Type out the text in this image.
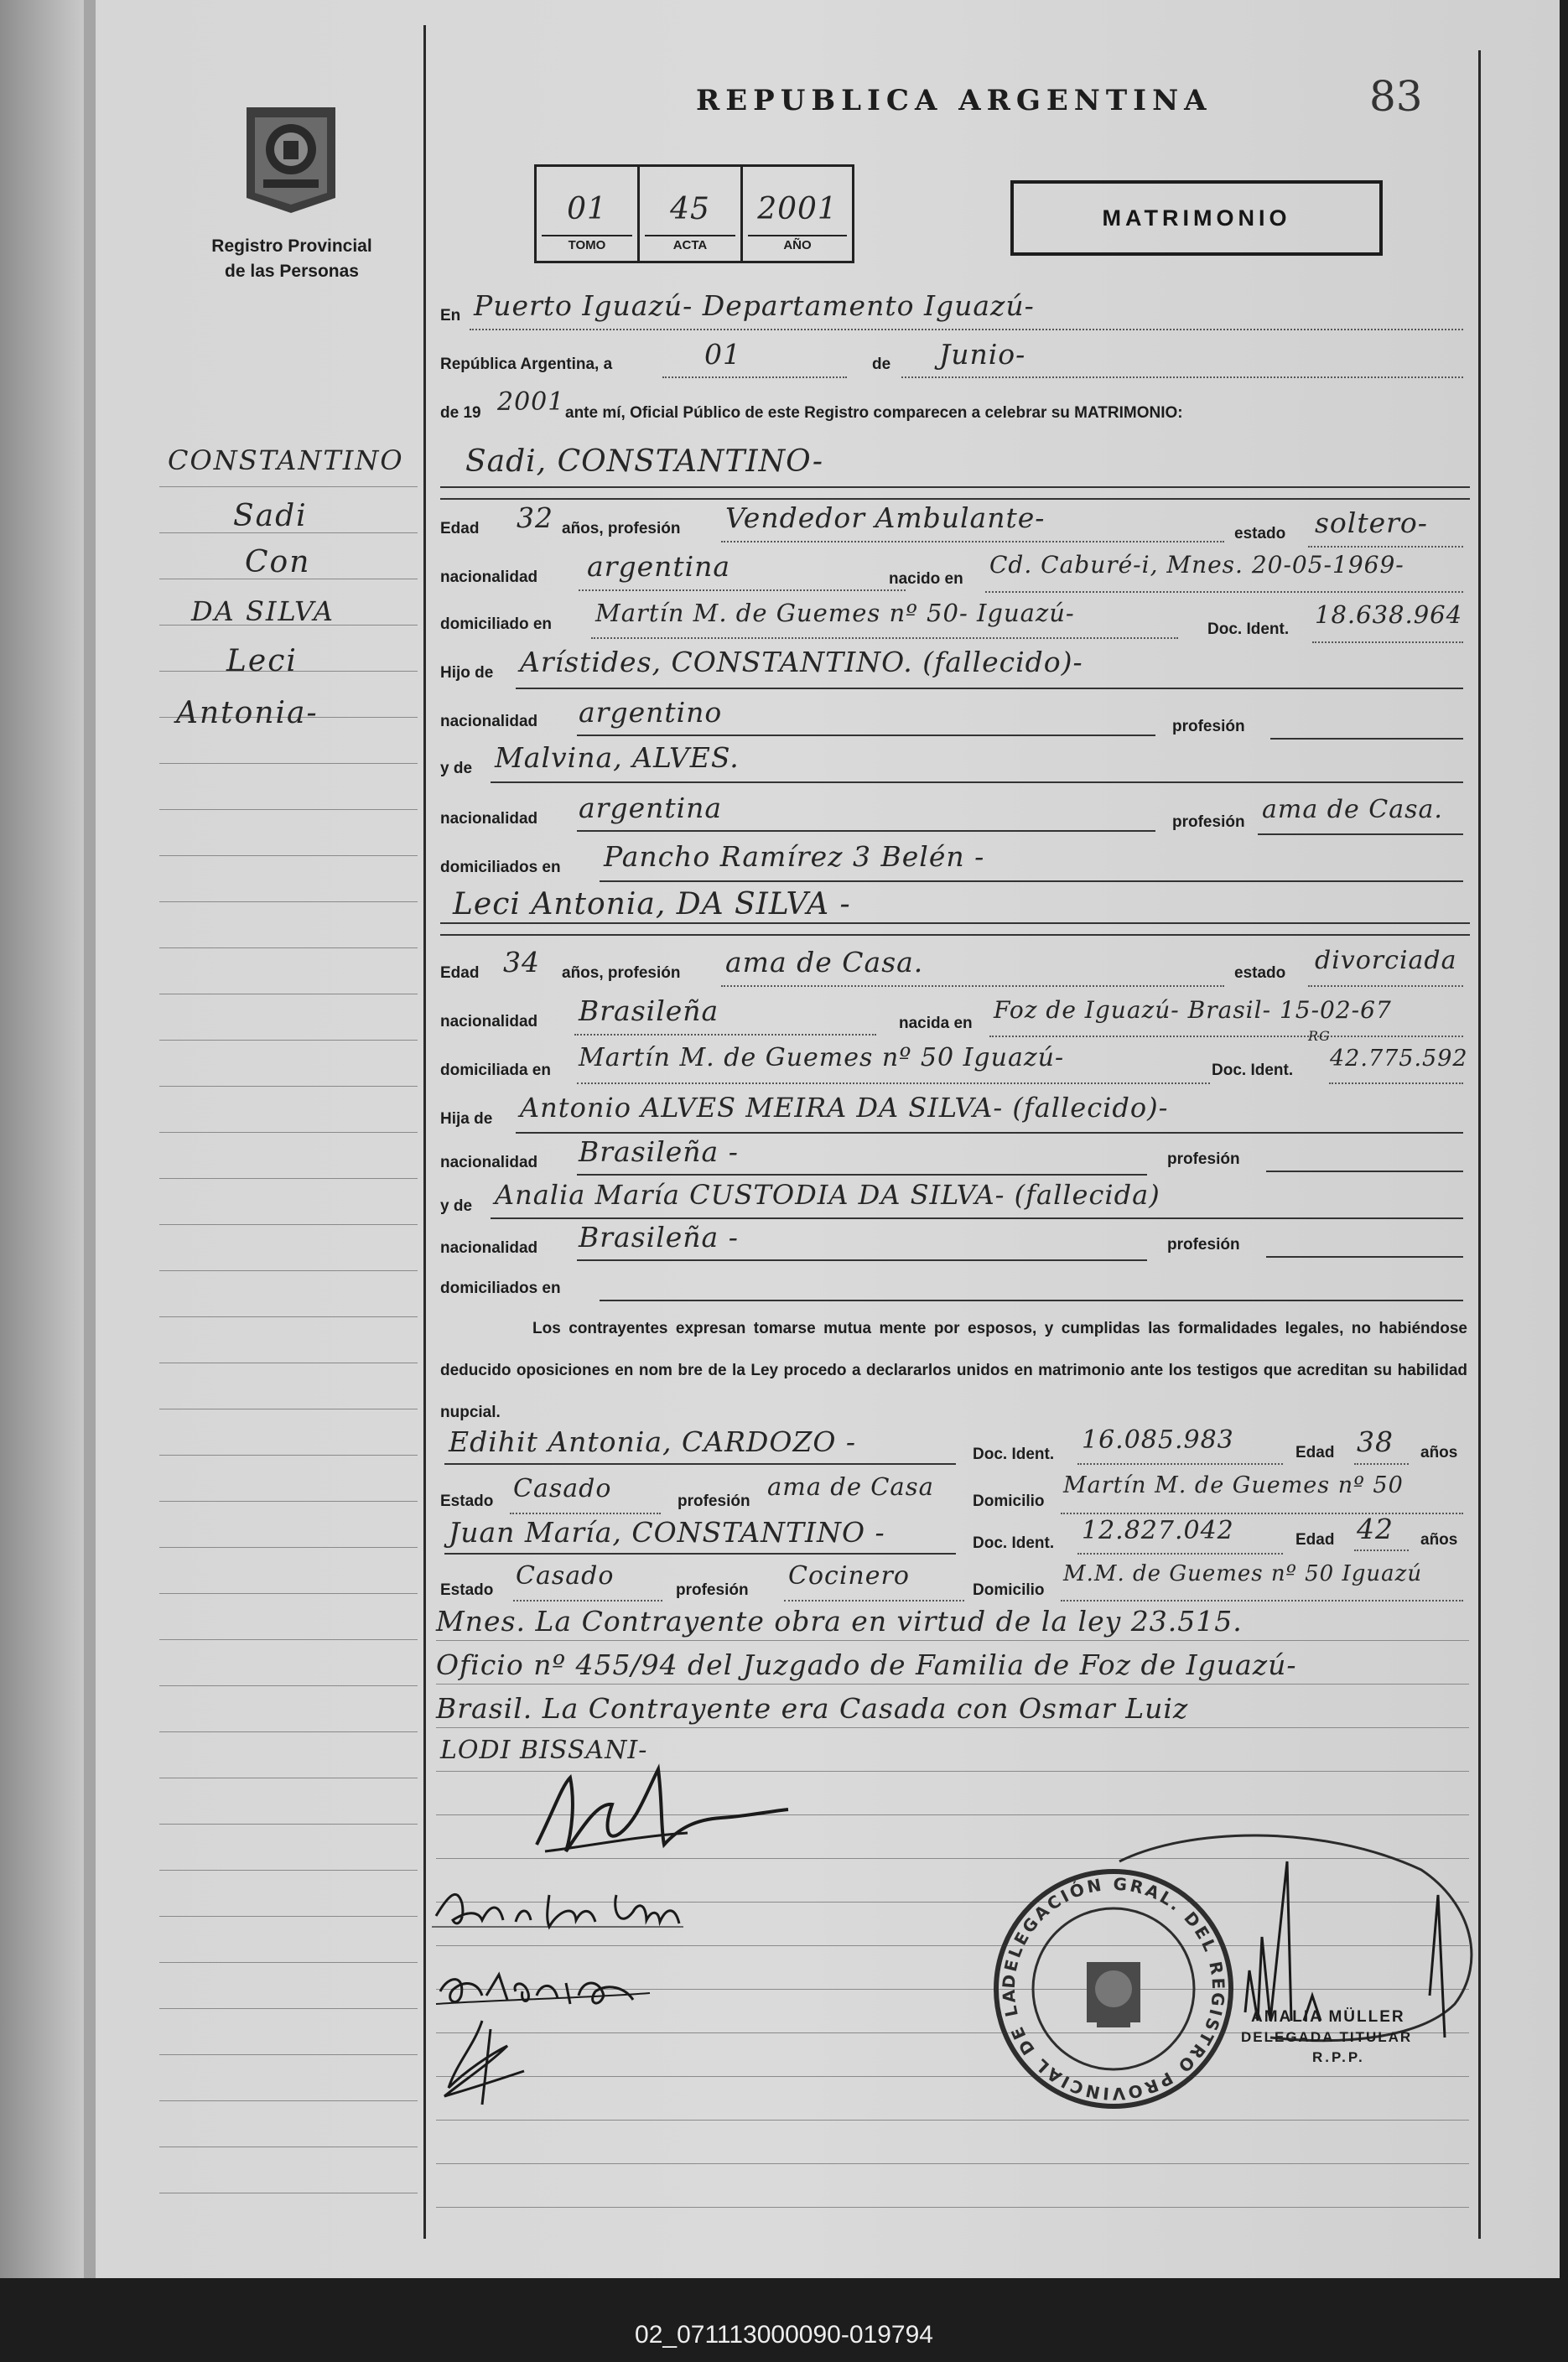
Registro Provincial
de las Personas
REPUBLICA ARGENTINA	83
01
TOMO
45
ACTA
2001
AÑO
MATRIMONIO
En Puerto Iguazú- Departamento Iguazú-
República Argentina, a	01	de Junio-
de 19 2001 ante mí, Oficial Público de este Registro comparecen a celebrar su MATRIMONIO:
CONSTANTINO
Sadi
Con
DA SILVA
Leci
Antonia-
Sadi, CONSTANTINO-
Edad 32 años, profesión Vendedor Ambulante-	estado soltero-
nacionalidad argentina	nacido en
Cd. Caburé-i, Mnes. 20-05-1969-
domiciliado en Martín M. de Guemes nº 50- Iguazú-
Doc. Ident.
18.638.964
Hijo de Arístides, CONSTANTINO. (fallecido)-
nacionalidad argentino	profesión
y de Malvina, ALVES.
nacionalidad argentina	profesión ama de Casa.
domiciliados en Pancho Ramírez 3 Belén -
Leci Antonia, DA SILVA -
Edad 34 años, profesión ama de Casa.	estado divorciada
nacionalidad Brasileña	nacida en Foz de Iguazú- Brasil- 15-02-67
domiciliada en Martín M. de Guemes nº 50 Iguazú-	Doc. Ident.
RG
42.775.592
Hija de Antonio ALVES MEIRA DA SILVA- (fallecido)-
nacionalidad Brasileña -	profesión
y de Analia María CUSTODIA DA SILVA- (fallecida)
nacionalidad Brasileña -	profesión
domiciliados en
Los contrayentes expresan tomarse mutua mente por esposos, y cumplidas las formalidades legales, no habiéndose deducido oposiciones en nom bre de la Ley procedo a declararlos unidos en matrimonio ante los testigos que acreditan su habilidad nupcial.
Edihit Antonia, CARDOZO -	Doc. Ident. 16.085.983	Edad 38 años
Estado Casado	profesión
ama de Casa
Domicilio
Martín M. de Guemes nº 50
Juan María, CONSTANTINO -	Doc. Ident. 12.827.042	Edad 42 años
Estado Casado	profesión Cocinero	Domicilio
M.M. de Guemes nº 50 Iguazú
Mnes. La Contrayente obra en virtud de la ley 23.515.
Oficio nº 455/94 del Juzgado de Familia de Foz de Iguazú-
Brasil. La Contrayente era Casada con Osmar Luiz
LODI BISSANI-
DELEGACIÓN GRAL. DEL REGISTRO PROVINCIAL DE LA
AMALIA MÜLLER
DELEGADA TITULAR
R.P.P.
02_071113000090-019794
